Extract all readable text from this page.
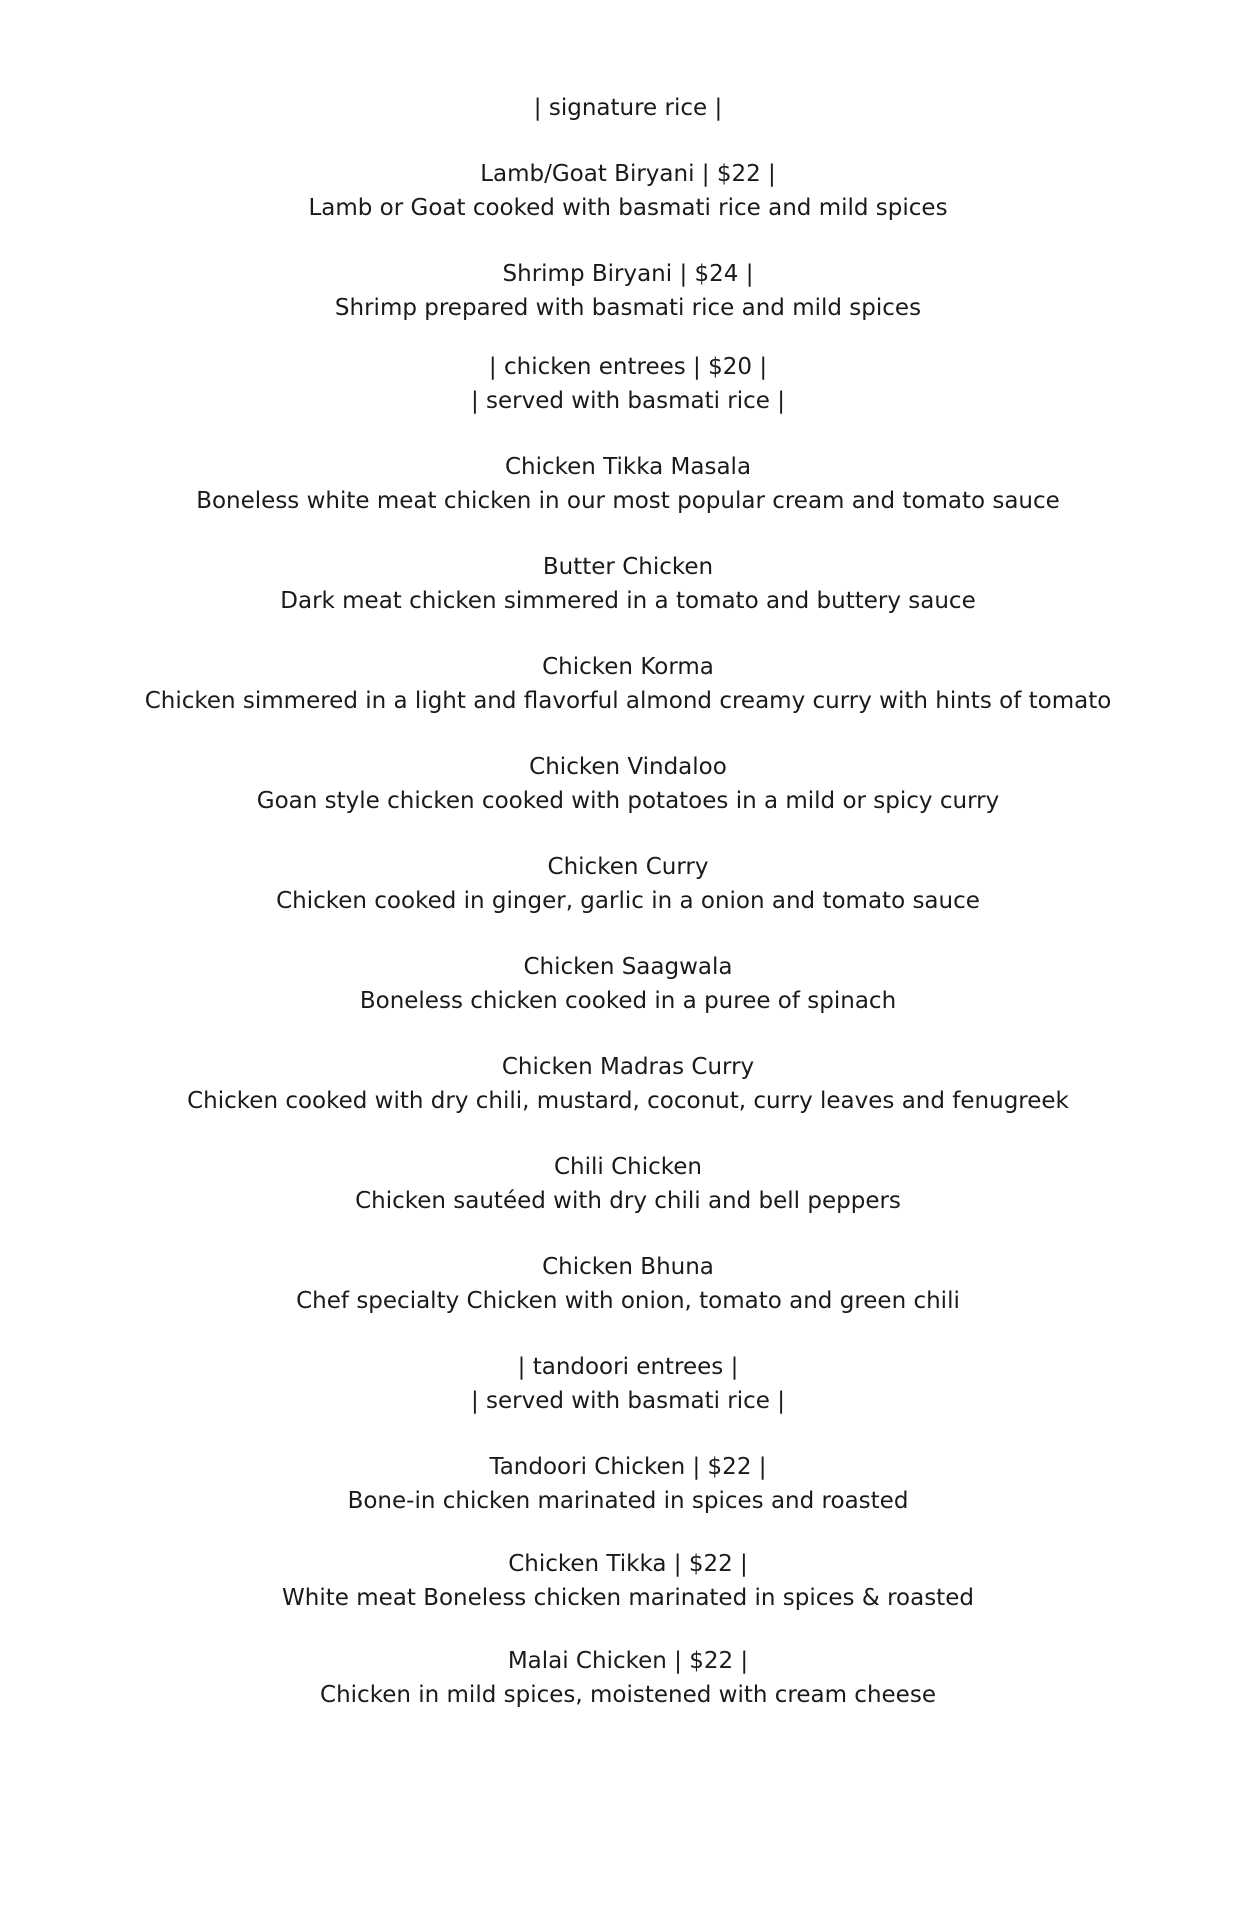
| signature rice |
Lamb/Goat Biryani | $22 |
Lamb or Goat cooked with basmati rice and mild spices
Shrimp Biryani | $24 |
Shrimp prepared with basmati rice and mild spices
| chicken entrees | $20 |
| served with basmati rice |
Chicken Tikka Masala
Boneless white meat chicken in our most popular cream and tomato sauce
Butter Chicken
Dark meat chicken simmered in a tomato and buttery sauce
Chicken Korma
Chicken simmered in a light and flavorful almond creamy curry with hints of tomato
Chicken Vindaloo
Goan style chicken cooked with potatoes in a mild or spicy curry
Chicken Curry
Chicken cooked in ginger, garlic in a onion and tomato sauce
Chicken Saagwala
Boneless chicken cooked in a puree of spinach
Chicken Madras Curry
Chicken cooked with dry chili, mustard, coconut, curry leaves and fenugreek
Chili Chicken
Chicken sautéed with dry chili and bell peppers
Chicken Bhuna
Chef specialty Chicken with onion, tomato and green chili
| tandoori entrees |
| served with basmati rice |
Tandoori Chicken | $22 |
Bone-in chicken marinated in spices and roasted
Chicken Tikka | $22 |
White meat Boneless chicken marinated in spices & roasted
Malai Chicken | $22 |
Chicken in mild spices, moistened with cream cheese
